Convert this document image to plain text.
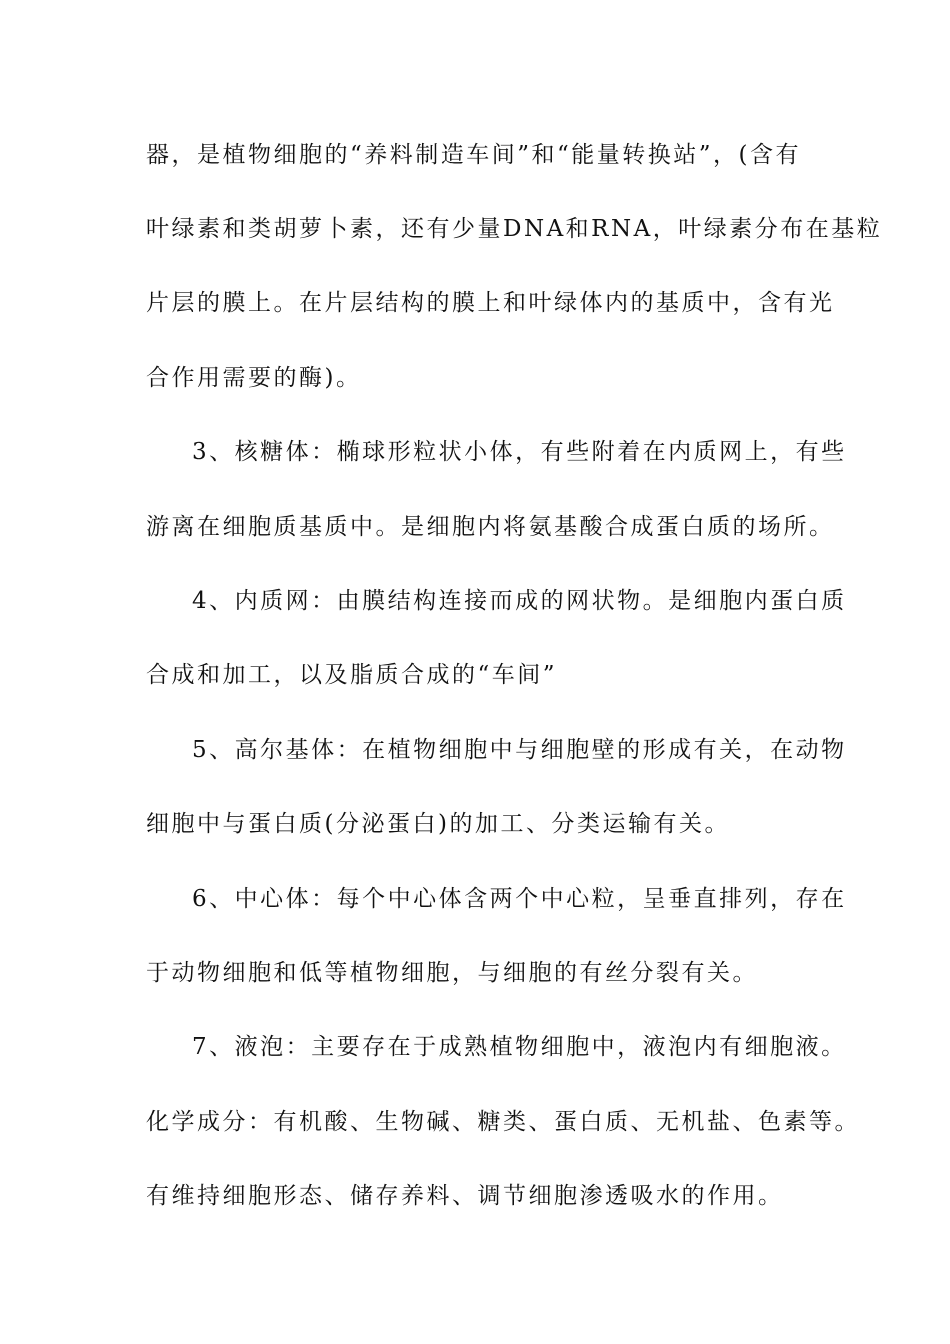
器，是植物细胞的“养料制造车间”和“能量转换站”，(含有
叶绿素和类胡萝卜素，还有少量DNA和RNA，叶绿素分布在基粒
片层的膜上。在片层结构的膜上和叶绿体内的基质中，含有光
合作用需要的酶)。
3、核糖体：椭球形粒状小体，有些附着在内质网上，有些
游离在细胞质基质中。是细胞内将氨基酸合成蛋白质的场所。
4、内质网：由膜结构连接而成的网状物。是细胞内蛋白质
合成和加工，以及脂质合成的“车间”
5、高尔基体：在植物细胞中与细胞壁的形成有关，在动物
细胞中与蛋白质(分泌蛋白)的加工、分类运输有关。
6、中心体：每个中心体含两个中心粒，呈垂直排列，存在
于动物细胞和低等植物细胞，与细胞的有丝分裂有关。
7、液泡：主要存在于成熟植物细胞中，液泡内有细胞液。
化学成分：有机酸、生物碱、糖类、蛋白质、无机盐、色素等。
有维持细胞形态、储存养料、调节细胞渗透吸水的作用。
